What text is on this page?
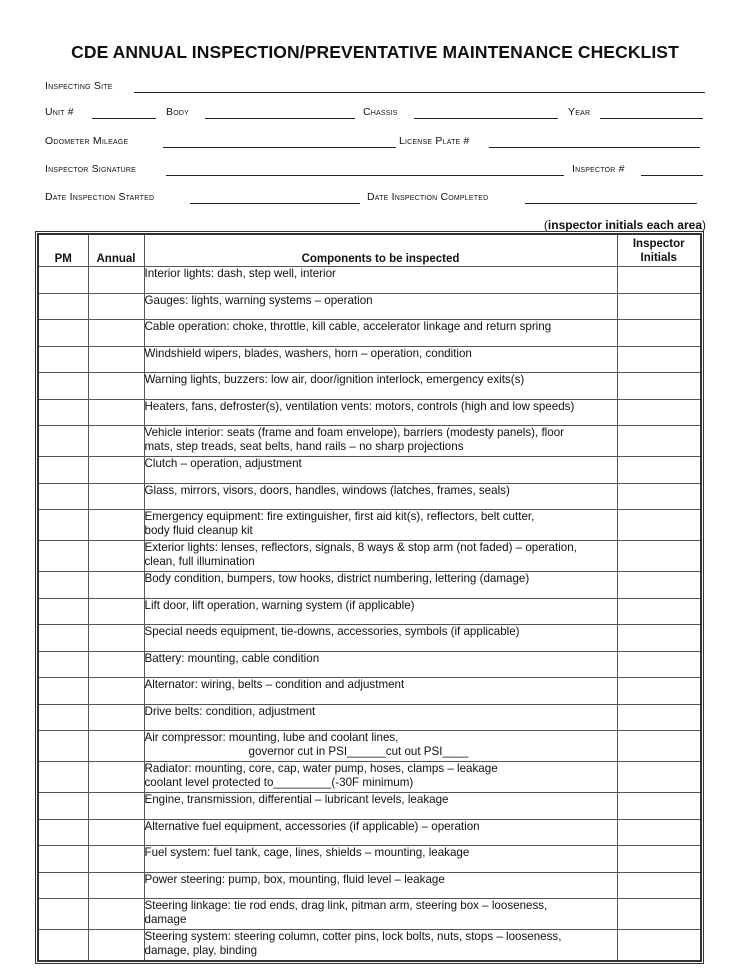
CDE ANNUAL INSPECTION/PREVENTATIVE MAINTENANCE CHECKLIST
Inspecting Site
Unit #	Body	Chassis	Year
Odometer Mileage	License Plate #
Inspector Signature	Inspector #
Date Inspection Started	Date Inspection Completed
(inspector initials each area)
PM	Annual	Components to be inspected	Inspector
Initials
		Interior lights: dash, step well, interior	
		Gauges: lights, warning systems – operation	
		Cable operation: choke, throttle, kill cable, accelerator linkage and return spring	
		Windshield wipers, blades, washers, horn – operation, condition	
		Warning lights, buzzers: low air, door/ignition interlock, emergency exits(s)	
		Heaters, fans, defroster(s), ventilation vents: motors, controls (high and low speeds)	
		Vehicle interior: seats (frame and foam envelope), barriers (modesty panels), floor
mats, step treads, seat belts, hand rails – no sharp projections	
		Clutch – operation, adjustment	
		Glass, mirrors, visors, doors, handles, windows (latches, frames, seals)	
		Emergency equipment: fire extinguisher, first aid kit(s), reflectors, belt cutter,
body fluid cleanup kit	
		Exterior lights: lenses, reflectors, signals, 8 ways & stop arm (not faded) – operation,
clean, full illumination	
		Body condition, bumpers, tow hooks, district numbering, lettering (damage)	
		Lift door, lift operation, warning system (if applicable)	
		Special needs equipment, tie-downs, accessories, symbols (if applicable)	
		Battery: mounting, cable condition	
		Alternator: wiring, belts – condition and adjustment	
		Drive belts: condition, adjustment	
		Air compressor: mounting, lube and coolant lines,
governor cut in PSI______cut out PSI____	
		Radiator: mounting, core, cap, water pump, hoses, clamps – leakage
coolant level protected to_________(-30F minimum)	
		Engine, transmission, differential – lubricant levels, leakage	
		Alternative fuel equipment, accessories (if applicable) – operation	
		Fuel system: fuel tank, cage, lines, shields – mounting, leakage	
		Power steering: pump, box, mounting, fluid level – leakage	
		Steering linkage: tie rod ends, drag link, pitman arm, steering box – looseness,
damage	
		Steering system: steering column, cotter pins, lock bolts, nuts, stops – looseness,
damage, play, binding	
